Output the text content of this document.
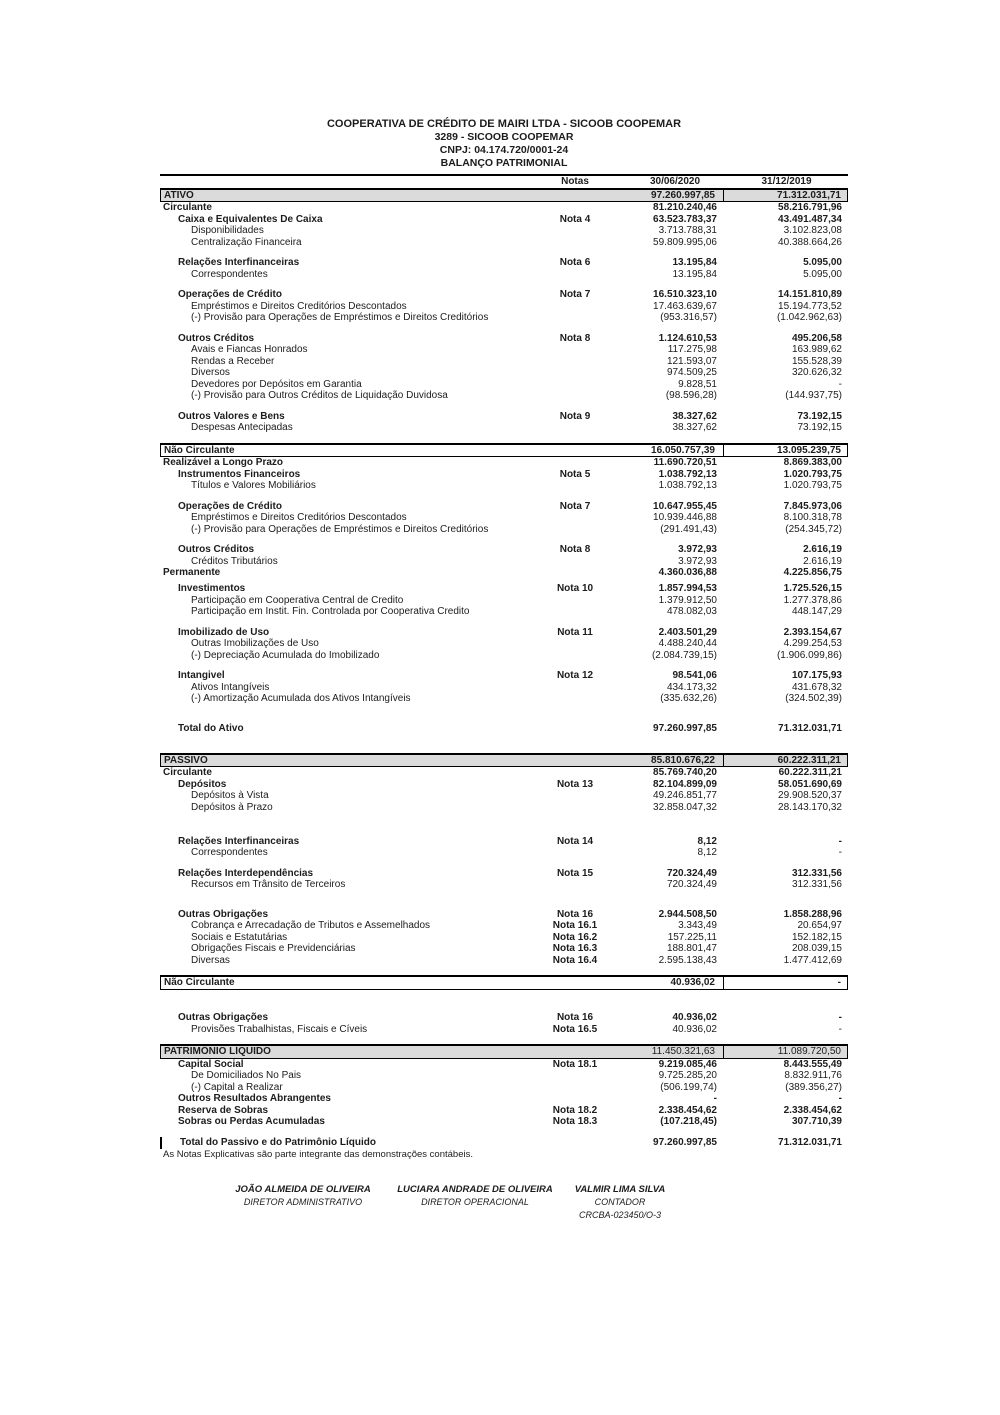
COOPERATIVA DE CRÉDITO DE MAIRI LTDA - SICOOB COOPEMAR
3289 - SICOOB COOPEMAR
CNPJ: 04.174.720/0001-24
BALANÇO PATRIMONIAL
Notas	30/06/2020	31/12/2019
ATIVO	97.260.997,85	71.312.031,71
Circulante	81.210.240,46	58.216.791,96
Caixa e Equivalentes De Caixa	Nota 4	63.523.783,37	43.491.487,34
Disponibilidades	3.713.788,31	3.102.823,08
Centralização Financeira	59.809.995,06	40.388.664,26
Relações Interfinanceiras	Nota 6	13.195,84	5.095,00
Correspondentes	13.195,84	5.095,00
Operações de Crédito	Nota 7	16.510.323,10	14.151.810,89
Empréstimos e Direitos Creditórios Descontados	17.463.639,67	15.194.773,52
(-) Provisão para Operações de Empréstimos e Direitos Creditórios	(953.316,57)	(1.042.962,63)
Outros Créditos	Nota 8	1.124.610,53	495.206,58
Avais e Fiancas Honrados	117.275,98	163.989,62
Rendas a Receber	121.593,07	155.528,39
Diversos	974.509,25	320.626,32
Devedores por Depósitos em Garantia	9.828,51	-
(-) Provisão para Outros Créditos de Liquidação Duvidosa	(98.596,28)	(144.937,75)
Outros Valores e Bens	Nota 9	38.327,62	73.192,15
Despesas Antecipadas	38.327,62	73.192,15
Não Circulante	16.050.757,39	13.095.239,75
Realizável a Longo Prazo	11.690.720,51	8.869.383,00
Instrumentos Financeiros	Nota 5	1.038.792,13	1.020.793,75
Títulos e Valores Mobiliários	1.038.792,13	1.020.793,75
Operações de Crédito	Nota 7	10.647.955,45	7.845.973,06
Empréstimos e Direitos Creditórios Descontados	10.939.446,88	8.100.318,78
(-) Provisão para Operações de Empréstimos e Direitos Creditórios	(291.491,43)	(254.345,72)
Outros Créditos	Nota 8	3.972,93	2.616,19
Créditos Tributários	3.972,93	2.616,19
Permanente	4.360.036,88	4.225.856,75
Investimentos	Nota 10	1.857.994,53	1.725.526,15
Participação em Cooperativa Central de Credito	1.379.912,50	1.277.378,86
Participação em Instit. Fin. Controlada por Cooperativa Credito	478.082,03	448.147,29
Imobilizado de Uso	Nota 11	2.403.501,29	2.393.154,67
Outras Imobilizações de Uso	4.488.240,44	4.299.254,53
(-) Depreciação Acumulada do Imobilizado	(2.084.739,15)	(1.906.099,86)
Intangivel	Nota 12	98.541,06	107.175,93
Ativos Intangíveis	434.173,32	431.678,32
(-) Amortização Acumulada dos Ativos Intangíveis	(335.632,26)	(324.502,39)
Total do Ativo	97.260.997,85	71.312.031,71
PASSIVO	85.810.676,22	60.222.311,21
Circulante	85.769.740,20	60.222.311,21
Depósitos	Nota 13	82.104.899,09	58.051.690,69
Depósitos à Vista	49.246.851,77	29.908.520,37
Depósitos à Prazo	32.858.047,32	28.143.170,32
Relações Interfinanceiras	Nota 14	8,12	-
Correspondentes	8,12	-
Relações Interdependências	Nota 15	720.324,49	312.331,56
Recursos em Trânsito de Terceiros	720.324,49	312.331,56
Outras Obrigações	Nota 16	2.944.508,50	1.858.288,96
Cobrança e Arrecadação de Tributos e Assemelhados	Nota 16.1	3.343,49	20.654,97
Sociais e Estatutárias	Nota 16.2	157.225,11	152.182,15
Obrigações Fiscais e Previdenciárias	Nota 16.3	188.801,47	208.039,15
Diversas	Nota 16.4	2.595.138,43	1.477.412,69
Não Circulante	40.936,02	-
Outras Obrigações	Nota 16	40.936,02	-
Provisões Trabalhistas, Fiscais e Cíveis	Nota 16.5	40.936,02	-
PATRIMÔNIO LÍQUIDO	11.450.321,63	11.089.720,50
Capital Social	Nota 18.1	9.219.085,46	8.443.555,49
De Domiciliados No Pais	9.725.285,20	8.832.911,76
(-) Capital a Realizar	(506.199,74)	(389.356,27)
Outros Resultados Abrangentes	-	-
Reserva de Sobras	Nota 18.2	2.338.454,62	2.338.454,62
Sobras ou Perdas Acumuladas	Nota 18.3	(107.218,45)	307.710,39
Total do Passivo e do Patrimônio Líquido	97.260.997,85	71.312.031,71
As Notas Explicativas são parte integrante das demonstrações contábeis.
JOÃO ALMEIDA DE OLIVEIRA
DIRETOR ADMINISTRATIVO
LUCIARA ANDRADE DE OLIVEIRA
DIRETOR OPERACIONAL
VALMIR LIMA SILVA
CONTADOR
CRCBA-023450/O-3
